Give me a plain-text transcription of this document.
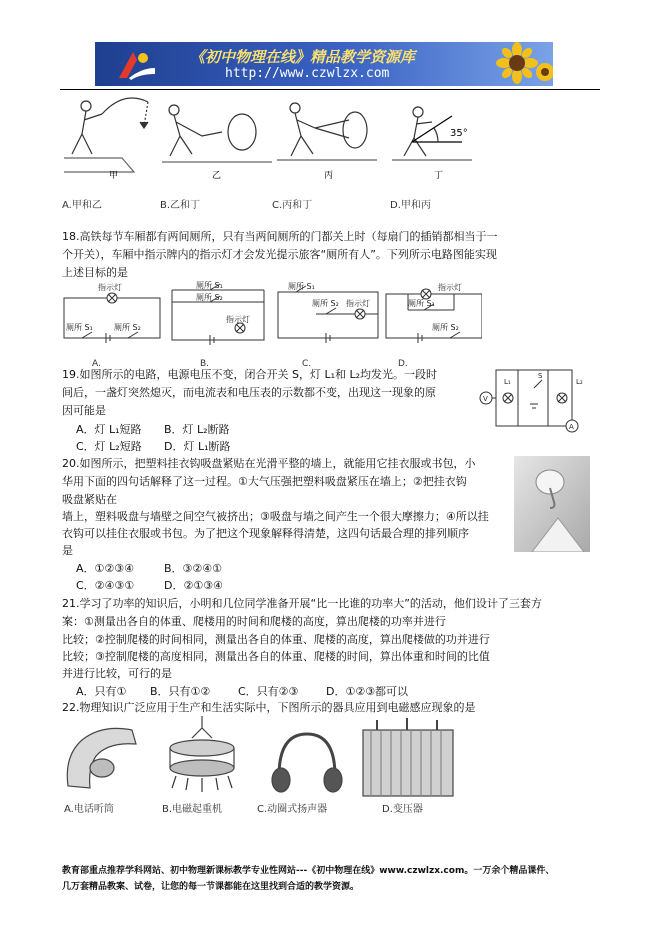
《初中物理在线》精品教学资源库
http://www.czwlzx.com
甲	乙	丙	丁
35°
A.甲和乙	B.乙和丁	C.丙和丁	D.甲和丙
18.高铁每节车厢都有两间厕所，只有当两间厕所的门都关上时（每扇门的插销都相当于一
个开关），车厢中指示牌内的指示灯才会发光提示旅客“厕所有人”。下列所示电路图能实现
上述目标的是
指示灯
厕所 S₁	厕所 S₂
厕所 S₁
厕所 S₂
指示灯
厕所 S₁
厕所 S₂ 指示灯
指示灯
厕所 S₁
厕所 S₂
A.	B.	C.	D.
19.如图所示的电路，电源电压不变，闭合开关 S，灯 L₁和 L₂均发光。一段时
间后，一盏灯突然熄灭，而电流表和电压表的示数都不变，出现这一现象的原
因可能是
A．灯 L₁短路 B．灯 L₂断路
C．灯 L₂短路 D．灯 L₁断路
L₁	L₂
S
V
A
20.如图所示，把塑料挂衣钩吸盘紧贴在光滑平整的墙上，就能用它挂衣服或书包，小
华用下面的四句话解释了这一过程。①大气压强把塑料吸盘紧压在墙上；②把挂衣钩
吸盘紧贴在
墙上，塑料吸盘与墙壁之间空气被挤出；③吸盘与墙之间产生一个很大摩擦力；④所以挂
衣钩可以挂住衣服或书包。为了把这个现象解释得清楚，这四句话最合理的排列顺序
是
A．①②③④	B．③②④①
C．②④③①	D．②①③④
21.学习了功率的知识后，小明和几位同学准备开展“比一比谁的功率大”的活动，他们设计了三套方
案：①测量出各自的体重、爬楼用的时间和爬楼的高度，算出爬楼的功率并进行
比较；②控制爬楼的时间相同，测量出各自的体重、爬楼的高度，算出爬楼做的功并进行
比较；③控制爬楼的高度相同，测量出各自的体重、爬楼的时间，算出体重和时间的比值
并进行比较，可行的是
A．只有① B．只有①②	C．只有②③	D．①②③都可以
22.物理知识广泛应用于生产和生活实际中，下图所示的器具应用到电磁感应现象的是
A.电话听筒	B.电磁起重机	C.动圈式扬声器	D.变压器
教育部重点推荐学科网站、初中物理新课标教学专业性网站---《初中物理在线》www.czwlzx.com。一万余个精品课件、
几万套精品教案、试卷，让您的每一节课都能在这里找到合适的教学资源。
